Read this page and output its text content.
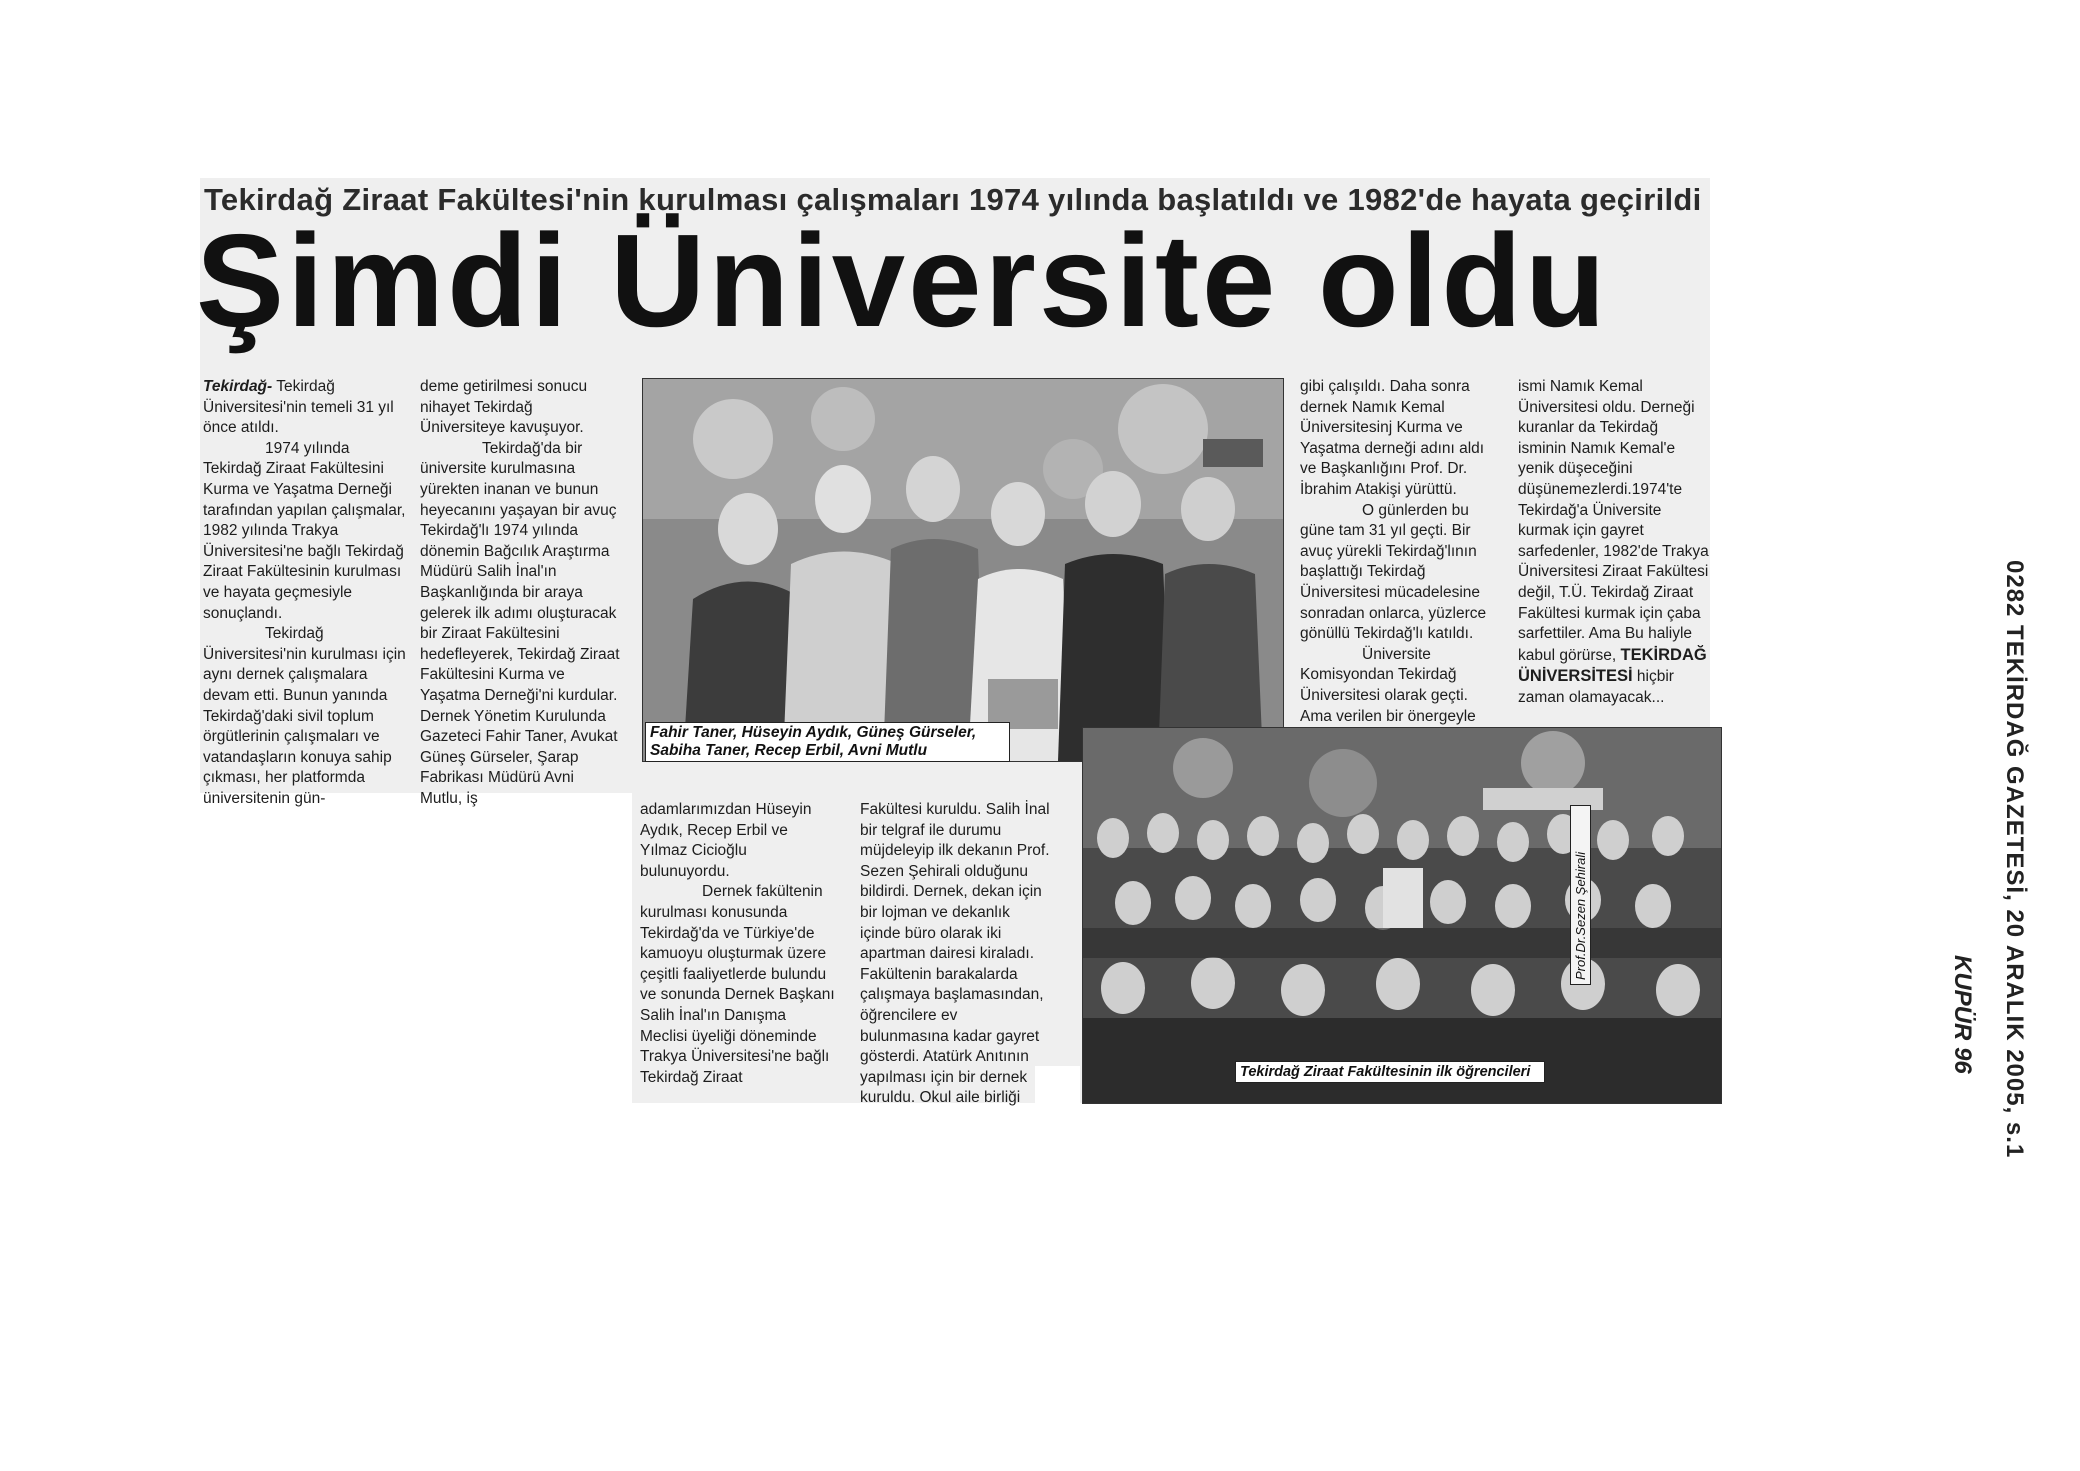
Tekirdağ Ziraat Fakültesi'nin kurulması çalışmaları 1974 yılında başlatıldı ve 1982'de hayata geçirildi
Şimdi Üniversite oldu

Tekirdağ- Tekirdağ Üniversitesi'nin temeli 31 yıl önce atıldı.

1974 yılında Tekirdağ Ziraat Fakültesini Kurma ve Yaşatma Derneği tarafından yapılan çalışmalar, 1982 yılında Trakya Üniversitesi'ne bağlı Tekirdağ Ziraat Fakültesinin kurulması ve hayata geçmesiyle sonuçlandı.

Tekirdağ Üniversitesi'nin kurulması için aynı dernek çalışmalara devam etti. Bunun yanında Tekirdağ'daki sivil toplum örgütlerinin çalışmaları ve vatandaşların konuya sahip çıkması, her platformda üniversitenin gün-

deme getirilmesi sonucu nihayet Tekirdağ Üniversiteye kavuşuyor.

Tekirdağ'da bir üniversite kurulmasına yürekten inanan ve bunun heyecanını yaşayan bir avuç Tekirdağ'lı 1974 yılında dönemin Bağcılık Araştırma Müdürü Salih İnal'ın Başkanlığında bir araya gelerek ilk adımı oluşturacak bir Ziraat Fakültesini hedefleyerek, Tekirdağ Ziraat Fakültesini Kurma ve Yaşatma Derneği'ni kurdular. Dernek Yönetim Kurulunda Gazeteci Fahir Taner, Avukat Güneş Gürseler, Şarap Fabrikası Müdürü Avni Mutlu, iş

Fahir Taner, Hüseyin Aydık, Güneş Gürseler,
Sabiha Taner, Recep Erbil, Avni Mutlu

adamlarımızdan Hüseyin Aydık, Recep Erbil ve Yılmaz Cicioğlu bulunuyordu.

Dernek fakültenin kurulması konusunda Tekirdağ'da ve Türkiye'de kamuoyu oluşturmak üzere çeşitli faaliyetlerde bulundu ve sonunda Dernek Başkanı Salih İnal'ın Danışma Meclisi üyeliği döneminde Trakya Üniversitesi'ne bağlı Tekirdağ Ziraat

Fakültesi kuruldu. Salih İnal bir telgraf ile durumu müjdeleyip ilk dekanın Prof. Sezen Şehirali olduğunu bildirdi. Dernek, dekan için bir lojman ve dekanlık içinde büro olarak iki apartman dairesi kiraladı. Fakültenin barakalarda çalışmaya başlamasından, öğrencilere ev bulunmasına kadar gayret gösterdi. Atatürk Anıtının yapılması için bir dernek kuruldu. Okul aile birliği

gibi çalışıldı. Daha sonra dernek Namık Kemal Üniversitesinj Kurma ve Yaşatma derneği adını aldı ve Başkanlığını Prof. Dr. İbrahim Atakişi yürüttü.

O günlerden bu güne tam 31 yıl geçti. Bir avuç yürekli Tekirdağ'lının başlattığı Tekirdağ Üniversitesi mücadelesine sonradan onlarca, yüzlerce gönüllü Tekirdağ'lı katıldı.

Üniversite Komisyondan Tekirdağ Üniversitesi olarak geçti. Ama verilen bir önergeyle

ismi Namık Kemal Üniversitesi oldu. Derneği kuranlar da Tekirdağ isminin Namık Kemal'e yenik düşeceğini düşünemezlerdi.1974'te Tekirdağ'a Üniversite kurmak için gayret sarfedenler, 1982'de Trakya Üniversitesi Ziraat Fakültesi değil, T.Ü. Tekirdağ Ziraat Fakültesi kurmak için çaba sarfettiler. Ama Bu haliyle kabul görürse, TEKİRDAĞ ÜNİVERSİTESİ hiçbir zaman olamayacak...

Prof.Dr.Sezen Şehirali
Tekirdağ Ziraat Fakültesinin ilk öğrencileri	0282 TEKİRDAĞ GAZETESİ, 20 ARALIK 2005, s.1
KUPÜR 96
